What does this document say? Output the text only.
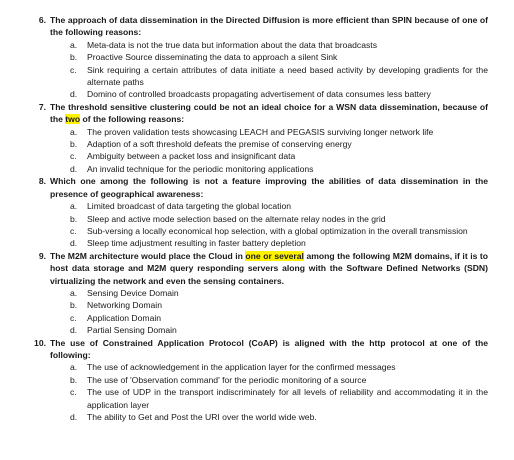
6. The approach of data dissemination in the Directed Diffusion is more efficient than SPIN because of one of the following reasons:
a. Meta-data is not the true data but information about the data that broadcasts
b. Proactive Source disseminating the data to approach a silent Sink
c. Sink requiring a certain attributes of data initiate a need based activity by developing gradients for the alternate paths
d. Domino of controlled broadcasts propagating advertisement of data consumes less battery
7. The threshold sensitive clustering could be not an ideal choice for a WSN data dissemination, because of the two of the following reasons:
a. The proven validation tests showcasing LEACH and PEGASIS surviving longer network life
b. Adaption of a soft threshold defeats the premise of conserving energy
c. Ambiguity between a packet loss and insignificant data
d. An invalid technique for the periodic monitoring applications
8. Which one among the following is not a feature improving the abilities of data dissemination in the presence of geographical awareness:
a. Limited broadcast of data targeting the global location
b. Sleep and active mode selection based on the alternate relay nodes in the grid
c. Sub-versing a locally economical hop selection, with a global optimization in the overall transmission
d. Sleep time adjustment resulting in faster battery depletion
9. The M2M architecture would place the Cloud in one or several among the following M2M domains, if it is to host data storage and M2M query responding servers along with the Software Defined Networks (SDN) virtualizing the network and even the sensing containers.
a. Sensing Device Domain
b. Networking Domain
c. Application Domain
d. Partial Sensing Domain
10. The use of Constrained Application Protocol (CoAP) is aligned with the http protocol at one of the following:
a. The use of acknowledgement in the application layer for the confirmed messages
b. The use of 'Observation command' for the periodic monitoring of a source
c. The use of UDP in the transport indiscriminately for all levels of reliability and accommodating it in the application layer
d. The ability to Get and Post the URI over the world wide web.
